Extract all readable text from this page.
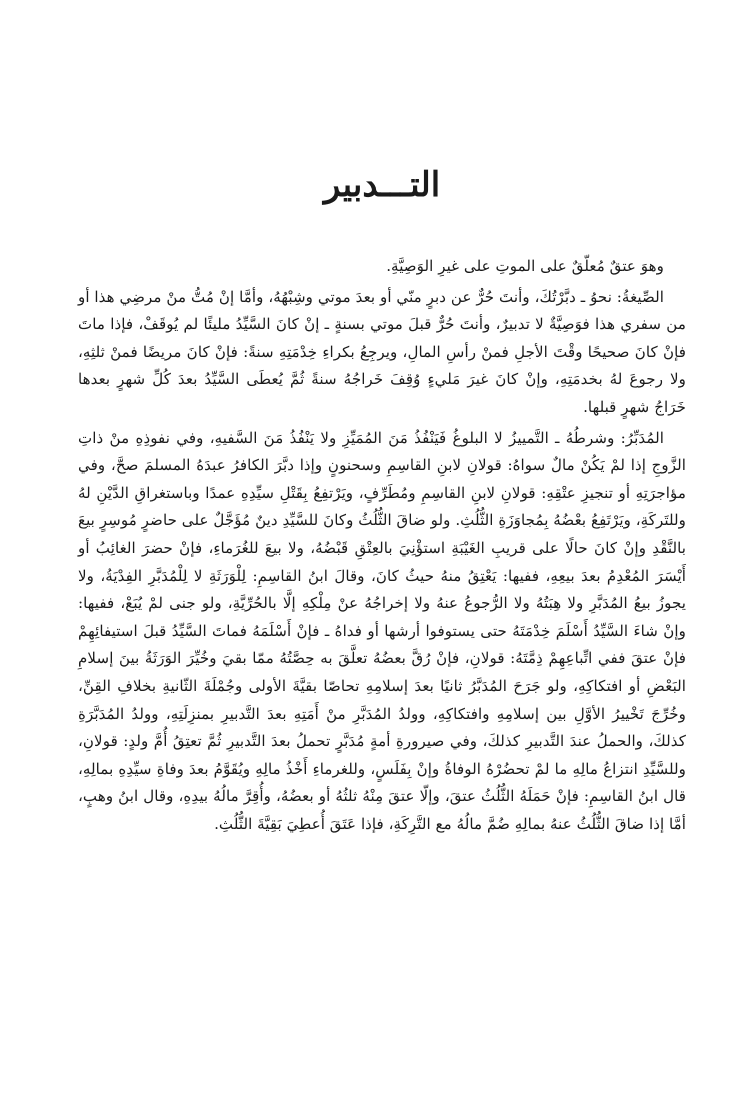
التـــدبير

وهوَ عتقٌ مُعلّقٌ على الموتِ على غيرِ الوَصِيَّةِ.

الصِّيغةُ: نحوُ ـ دبَّرْتُكَ، وأنتَ حُرٌّ عن دبرٍ منّي أو بعدَ موتي وشِبْهُهُ، وأمَّا إنْ مُتُّ منْ مرضِي هذا أو من سفري هذا فوَصِيَّةٌ لا تدبيرٌ، وأنتَ حُرٌّ قبلَ موتي بسنةٍ ـ إنْ كانَ السَّيِّدُ مليئًا لم يُوقَفْ، فإذا ماتَ فإنْ كانَ صحيحًا وقْتَ الأجلِ فمنْ رأسِ المالِ، ويرجِعُ بكراءِ خِدْمَتِهِ سنةً: فإنْ كانَ مريضًا فمنْ ثلثِهِ، ولا رجوعَ لهُ بخدمَتِهِ، وإنْ كانَ غيرَ مَليءٍ وُقِفَ خَراجُهُ سنةً ثُمَّ يُعطَى السَّيِّدُ بعدَ كُلِّ شهرٍ بعدها خَرَاجُ شهرٍ قبلها.

المُدَبِّرُ: وشرطُهُ ـ التَّمييزُ لا البلوغُ فَيَنْفُذُ مَنَ المُمَيِّزِ ولا يَنْفُذُ مَنَ السَّفيهِ، وفي نفوذِهِ منْ ذاتِ الزَّوجِ إذا لمْ يَكُنْ مالٌ سواهُ: قولانِ لابنِ القاسِمِ وسحنونٍ وإذا دبَّرَ الكافرُ عبدَهُ المسلمَ صحَّ، وفي مؤاجرَتِهِ أو تنجيزِ عتْقِهِ: قولانِ لابنِ القاسِمِ ومُطَرِّفٍ، ويَرْتفِعُ بِقَتْلِ سيِّدِهِ عمدًا وباستغراقِ الدَّيْنِ لهُ وللتَركَةِ، ويَرْتَفِعُ بعْضُهُ بِمُجاوَزَةِ الثُّلُثِ. ولو ضاقَ الثُّلُثُ وكانَ للسَّيِّدِ دينٌ مُؤَجَّلٌ على حاضرٍ مُوسِرٍ بيعَ بالنَّقْدِ وإنْ كانَ حالًا على قريبِ الغَيْبَةِ استؤْنِيَ بالعِتْقِ قَبْضُهُ، ولا بيعَ للغُرَماءِ، فإنْ حضرَ الغائِبُ أو أَيْسَرَ المُعْدِمُ بعدَ بيعِهِ، ففيها: يَعْتِقُ منهُ حيثُ كانَ، وقالَ ابنُ القاسِمِ: لِلْوَرَثَةِ لا لِلْمُدَبَّرِ الفِدْيَةُ، ولا يجوزُ بيعُ المُدَبَّرِ ولا هِبَتُهُ ولا الرُّجوعُ عنهُ ولا إخراجُهُ عنْ مِلْكِهِ إلَّا بالحُرِّيَّةِ، ولو جنى لمْ يُبَعْ، ففيها: وإنْ شاءَ السَّيِّدُ أَسْلَمَ خِدْمَتَهُ حتى يستوفوا أرشها أو فداهُ ـ فإنْ أَسْلَمَهُ فماتَ السَّيِّدُ قبلَ استيفائِهِمْ فإنْ عتقَ ففي اتِّباعِهِمْ ذِمَّتَهُ: قولانِ، فإنْ رُقَّ بعضُهُ تعلَّقَ به حِصَّتُهُ ممّا بقيَ وخُيِّرَ الوَرَثَةُ بينَ إسلامِ البَعْضِ أو افتكاكِهِ، ولو جَرَحَ المُدَبَّرُ ثانيًا بعدَ إسلامِهِ تحاصّا بقيَّةَ الأولى وجُمْلَةَ الثّانيةِ بخلافِ القِنِّ، وخُرِّجَ تَخْييرُ الأوَّلِ بين إسلامِهِ وافتكاكِهِ، وولدُ المُدَبَّرِ منْ أَمَتِهِ بعدَ التَّدبيرِ بمنزِلَتِهِ، وولدُ المُدَبَّرَةِ كذلكَ، والحملُ عندَ التَّدبيرِ كذلكَ، وفي صيرورةِ أمةٍ مُدَبَّرٍ تحملُ بعدَ التَّدبيرِ ثُمَّ تعتِقُ أُمَّ ولدٍ: قولانِ، وللسَّيِّدِ انتزاعُ مالِهِ ما لمْ تحضُرْهُ الوفاةُ وإنْ بِفَلَسٍ، وللغرماءِ أَخْذُ مالِهِ ويُقَوَّمُ بعدَ وفاةِ سيِّدِهِ بمالِهِ، قال ابنُ القاسِمِ: فإنْ حَمَلَهُ الثُّلُثُ عتقَ، وإلّا عتقَ مِنْهُ ثلثُهُ أو بعضُهُ، وأُقِرَّ مالُهُ بيدِهِ، وقال ابنُ وهبٍ، أمَّا إذا ضاقَ الثُّلُثُ عنهُ بمالِهِ ضُمَّ مالُهُ مع التَّرِكَةِ، فإذا عَتَقَ أُعطِيَ بَقِيَّةَ الثُّلُثِ.
